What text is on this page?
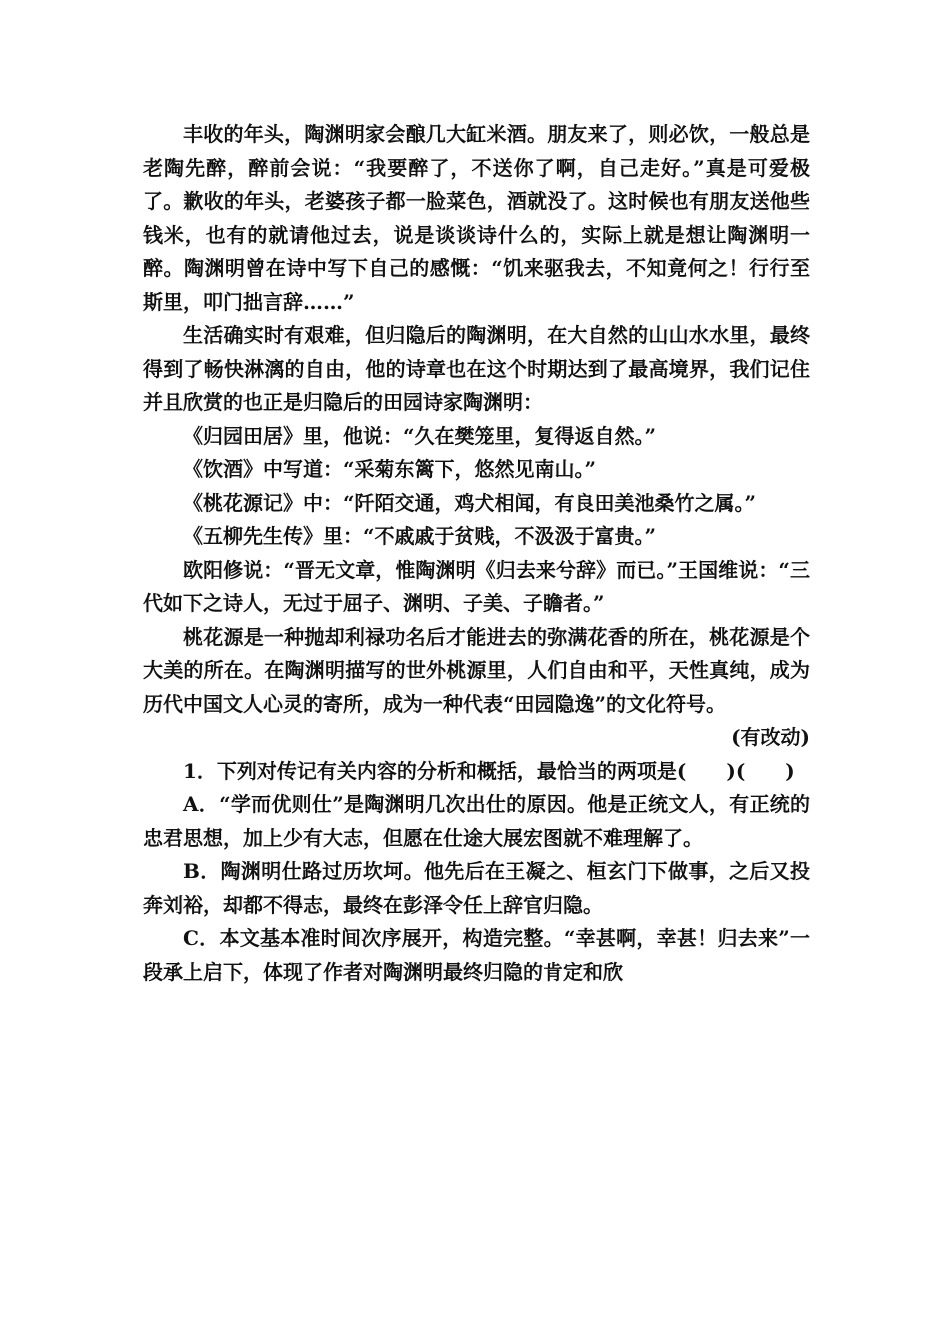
丰收的年头，陶渊明家会酿几大缸米酒。朋友来了，则必饮，一般总是老陶先醉，醉前会说：“我要醉了，不送你了啊，自己走好。”真是可爱极了。歉收的年头，老婆孩子都一脸菜色，酒就没了。这时候也有朋友送他些钱米，也有的就请他过去，说是谈谈诗什么的，实际上就是想让陶渊明一醉。陶渊明曾在诗中写下自己的感慨：“饥来驱我去，不知竟何之！行行至斯里，叩门拙言辞……”

生活确实时有艰难，但归隐后的陶渊明，在大自然的山山水水里，最终得到了畅快淋漓的自由，他的诗章也在这个时期达到了最高境界，我们记住并且欣赏的也正是归隐后的田园诗家陶渊明：

《归园田居》里，他说：“久在樊笼里，复得返自然。”

《饮酒》中写道：“采菊东篱下，悠然见南山。”

《桃花源记》中：“阡陌交通，鸡犬相闻，有良田美池桑竹之属。”

《五柳先生传》里：“不戚戚于贫贱，不汲汲于富贵。”

欧阳修说：“晋无文章，惟陶渊明《归去来兮辞》而已。”王国维说：“三代如下之诗人，无过于屈子、渊明、子美、子瞻者。”

桃花源是一种抛却利禄功名后才能进去的弥满花香的所在，桃花源是个大美的所在。在陶渊明描写的世外桃源里，人们自由和平，天性真纯，成为历代中国文人心灵的寄所，成为一种代表“田园隐逸”的文化符号。

(有改动)

1．下列对传记有关内容的分析和概括，最恰当的两项是(　　)(　　)

A．“学而优则仕”是陶渊明几次出仕的原因。他是正统文人，有正统的忠君思想，加上少有大志，但愿在仕途大展宏图就不难理解了。

B．陶渊明仕路过历坎坷。他先后在王凝之、桓玄门下做事，之后又投奔刘裕，却都不得志，最终在彭泽令任上辞官归隐。

C．本文基本准时间次序展开，构造完整。“幸甚啊，幸甚！归去来”一段承上启下，体现了作者对陶渊明最终归隐的肯定和欣
